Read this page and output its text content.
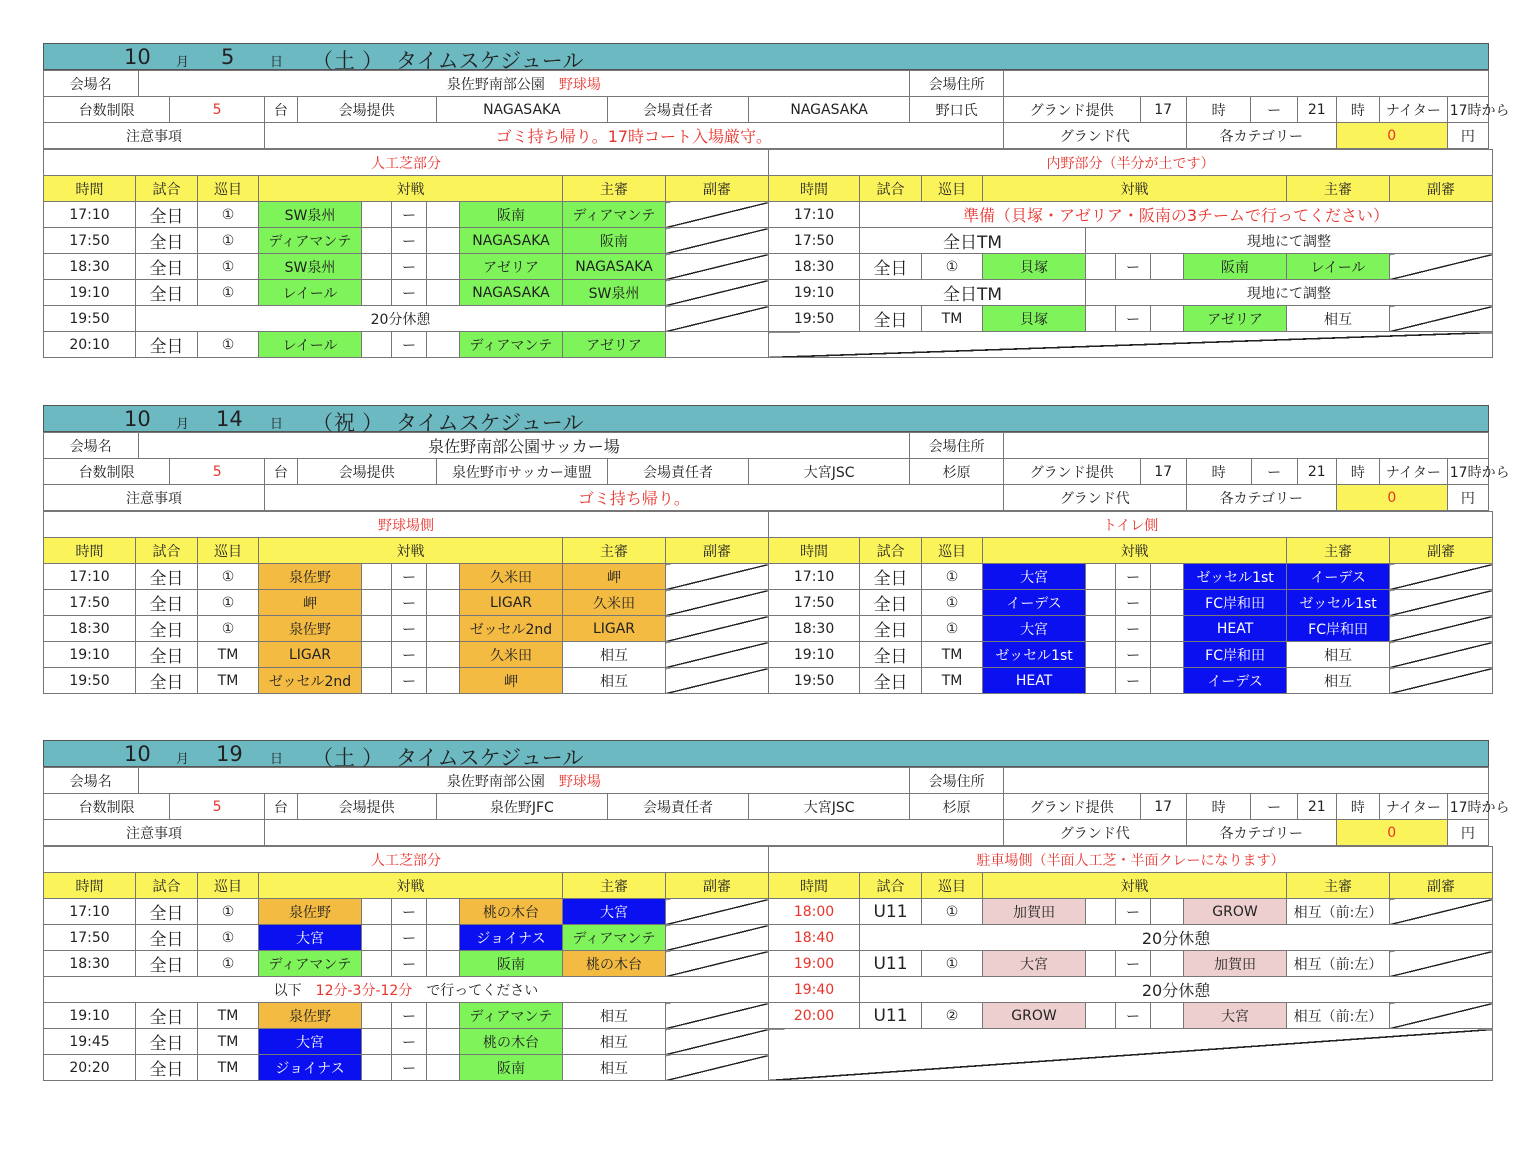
10 月 5	日 （ 土 ） タイムスケジュール
会場名	泉佐野南部公園　 野球場							会場住所								
台数制限		5	台	会場提供	NAGASAKA	会場責任者	NAGASAKA	野口氏	グランド提供	17	時	ー	21	時	ナイター	17時から
注意事項			ゴミ持ち帰り。17時コート入場厳守。						グランド代		各カテゴリー			0		円
人工芝部分										内野部分（半分が土です）									
時間	試合	巡目	対戦					主審	副審	時間	試合	巡目	対戦					主審	副審
17:10	全日	①	SW泉州		ー		阪南	ディアマンテ		17:10	準備（貝塚・アゼリア・阪南の3チームで行ってください）								
17:50	全日	①	ディアマンテ		ー		NAGASAKA	阪南		17:50	全日TM			現地にて調整					
18:30	全日	①	SW泉州		ー		アゼリア	NAGASAKA		18:30	全日	①	貝塚		ー		阪南	レイール	
19:10	全日	①	レイール		ー		NAGASAKA	SW泉州		19:10	全日TM			現地にて調整					
19:50	20分休憩									19:50	全日	TM	貝塚		ー		アゼリア	相互	
20:10	全日	①	レイール		ー		ディアマンテ	アゼリア											
10 月 14 日 （ 祝 ） タイムスケジュール
会場名	泉佐野南部公園サッカー場							会場住所								
台数制限		5	台	会場提供	泉佐野市サッカー連盟	会場責任者	大宮JSC	杉原	グランド提供	17	時	ー	21	時	ナイター	17時から
注意事項			ゴミ持ち帰り。						グランド代		各カテゴリー			0		円
野球場側										トイレ側									
時間	試合	巡目	対戦					主審	副審	時間	試合	巡目	対戦					主審	副審
17:10	全日	①	泉佐野		ー		久米田	岬		17:10	全日	①	大宮		ー		ゼッセル1st	イーデス	
17:50	全日	①	岬		ー		LIGAR	久米田		17:50	全日	①	イーデス		ー		FC岸和田	ゼッセル1st	
18:30	全日	①	泉佐野		ー		ゼッセル2nd	LIGAR		18:30	全日	①	大宮		ー		HEAT	FC岸和田	
19:10	全日	TM	LIGAR		ー		久米田	相互		19:10	全日	TM	ゼッセル1st		ー		FC岸和田	相互	
19:50	全日	TM	ゼッセル2nd		ー		岬	相互		19:50	全日	TM	HEAT		ー		イーデス	相互	
10 月 19 日 （ 土 ） タイムスケジュール
会場名	泉佐野南部公園　 野球場							会場住所								
台数制限		5	台	会場提供	泉佐野JFC	会場責任者	大宮JSC	杉原	グランド提供	17	時	ー	21	時	ナイター	17時から
注意事項									グランド代		各カテゴリー			0		円
人工芝部分										駐車場側（半面人工芝・半面クレーになります）									
時間	試合	巡目	対戦					主審	副審	時間	試合	巡目	対戦					主審	副審
17:10	全日	①	泉佐野		ー		桃の木台	大宮		18:00	U11	①	加賀田		ー		GROW	相互（前:左）	
17:50	全日	①	大宮		ー		ジョイナス	ディアマンテ		18:40	20分休憩								
18:30	全日	①	ディアマンテ		ー		阪南	桃の木台		19:00	U11	①	大宮		ー		加賀田	相互（前:左）	
以下　 12分-3分-12分　 で行ってください										19:40	20分休憩								
19:10	全日	TM	泉佐野		ー		ディアマンテ	相互		20:00	U11	②	GROW		ー		大宮	相互（前:左）	
19:45	全日	TM	大宮		ー		桃の木台	相互											
20:20	全日	TM	ジョイナス		ー		阪南	相互											
